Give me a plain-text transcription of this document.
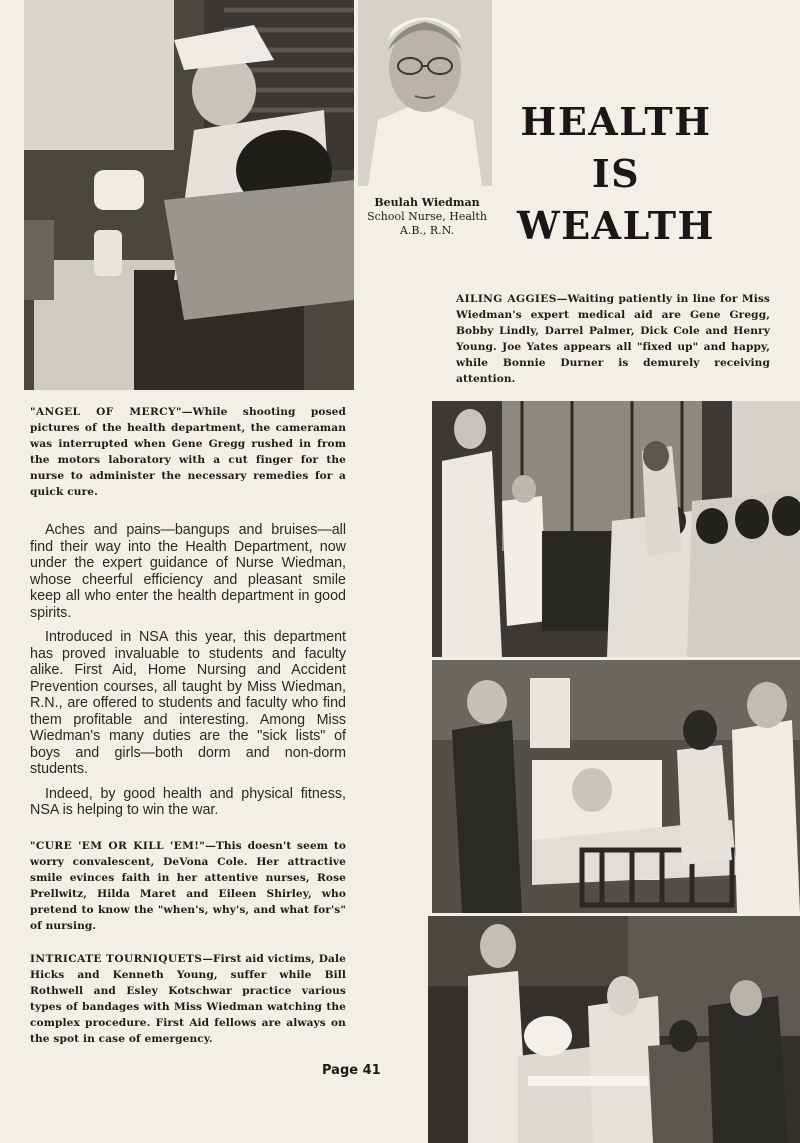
HEALTH IS
WEALTH
Beulah Wiedman
School Nurse, Health
A.B., R.N.
AILING AGGIES—Waiting patiently in line for Miss Wiedman's expert medical aid are Gene Gregg, Bobby Lindly, Darrel Palmer, Dick Cole and Henry Young. Joe Yates appears all "fixed up" and happy, while Bonnie Durner is demurely receiving attention.
"ANGEL OF MERCY"—While shooting posed pictures of the health department, the cameraman was interrupted when Gene Gregg rushed in from the motors laboratory with a cut finger for the nurse to administer the necessary remedies for a quick cure.

Aches and pains—bangups and bruises—all find their way into the Health Department, now under the expert guidance of Nurse Wiedman, whose cheerful efficiency and pleasant smile keep all who enter the health department in good spirits.

Introduced in NSA this year, this department has proved invaluable to students and faculty alike. First Aid, Home Nursing and Accident Prevention courses, all taught by Miss Wiedman, R.N., are offered to students and faculty who find them profitable and interesting. Among Miss Wiedman's many duties are the "sick lists" of boys and girls—both dorm and non-dorm students.

Indeed, by good health and physical fitness, NSA is helping to win the war.

"CURE 'EM OR KILL 'EM!"—This doesn't seem to worry convalescent, DeVona Cole. Her attractive smile evinces faith in her attentive nurses, Rose Prellwitz, Hilda Maret and Eileen Shirley, who pretend to know the "when's, why's, and what for's" of nursing.
INTRICATE TOURNIQUETS—First aid victims, Dale Hicks and Kenneth Young, suffer while Bill Rothwell and Esley Kotschwar practice various types of bandages with Miss Wiedman watching the complex procedure. First Aid fellows are always on the spot in case of emergency.
Page 41
